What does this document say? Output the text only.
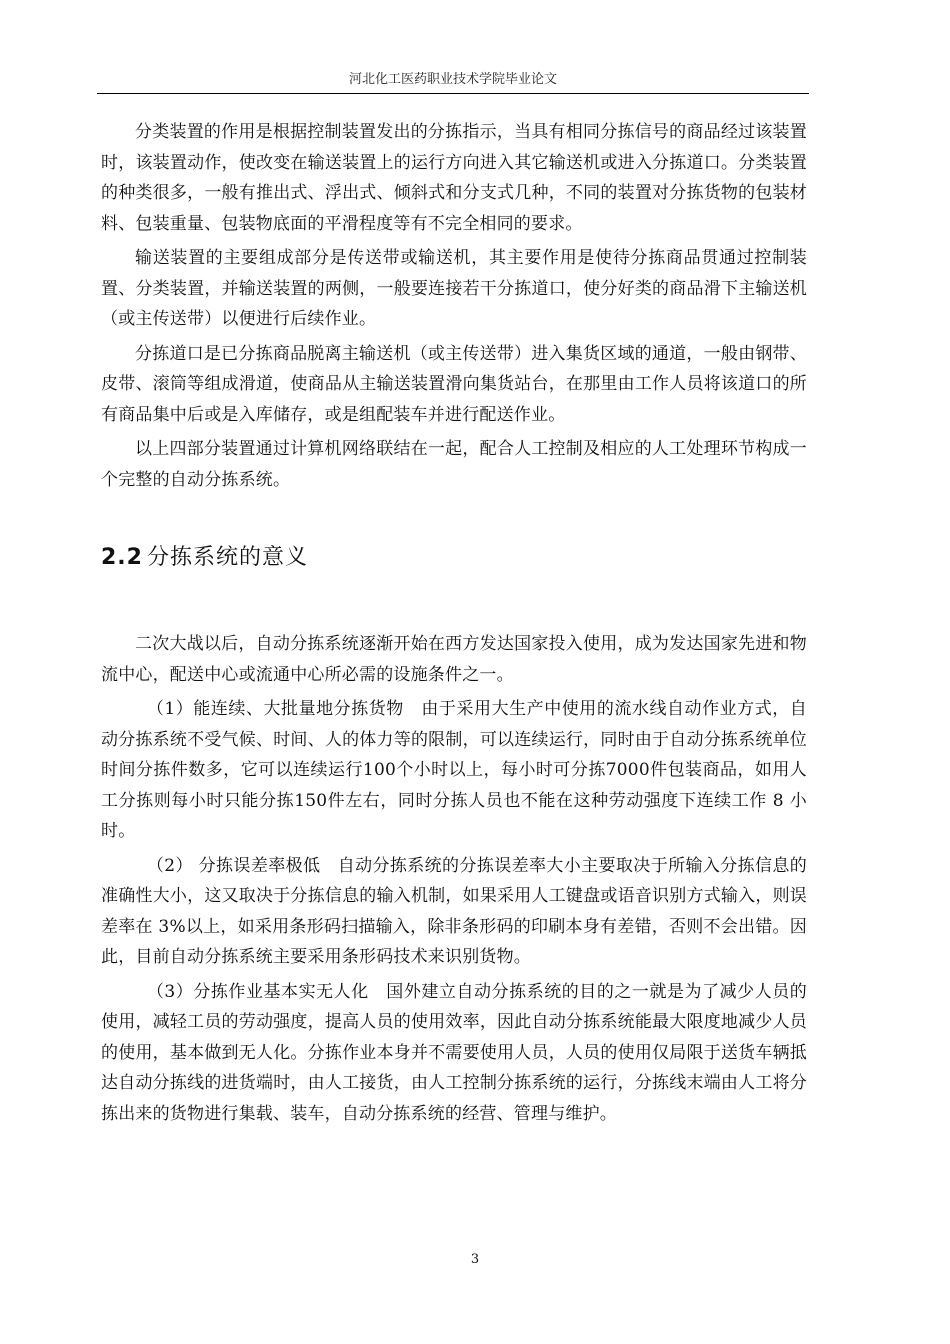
河北化工医药职业技术学院毕业论文

分类装置的作用是根据控制装置发出的分拣指示，当具有相同分拣信号的商品经过该装置时，该装置动作，使改变在输送装置上的运行方向进入其它输送机或进入分拣道口。分类装置的种类很多，一般有推出式、浮出式、倾斜式和分支式几种，不同的装置对分拣货物的包装材料、包装重量、包装物底面的平滑程度等有不完全相同的要求。

输送装置的主要组成部分是传送带或输送机，其主要作用是使待分拣商品贯通过控制装置、分类装置，并输送装置的两侧，一般要连接若干分拣道口，使分好类的商品滑下主输送机（或主传送带）以便进行后续作业。

分拣道口是已分拣商品脱离主输送机（或主传送带）进入集货区域的通道，一般由钢带、皮带、滚筒等组成滑道，使商品从主输送装置滑向集货站台，在那里由工作人员将该道口的所有商品集中后或是入库储存，或是组配装车并进行配送作业。

以上四部分装置通过计算机网络联结在一起，配合人工控制及相应的人工处理环节构成一个完整的自动分拣系统。

2.2 分拣系统的意义

二次大战以后，自动分拣系统逐渐开始在西方发达国家投入使用，成为发达国家先进和物流中心，配送中心或流通中心所必需的设施条件之一。

（1）能连续、大批量地分拣货物　由于采用大生产中使用的流水线自动作业方式，自动分拣系统不受气候、时间、人的体力等的限制，可以连续运行，同时由于自动分拣系统单位时间分拣件数多，它可以连续运行100个小时以上，每小时可分拣7000件包装商品，如用人工分拣则每小时只能分拣150件左右，同时分拣人员也不能在这种劳动强度下连续工作 8 小时。

（2） 分拣误差率极低　自动分拣系统的分拣误差率大小主要取决于所输入分拣信息的准确性大小，这又取决于分拣信息的输入机制，如果采用人工键盘或语音识别方式输入，则误差率在 3%以上，如采用条形码扫描输入，除非条形码的印刷本身有差错，否则不会出错。因此，目前自动分拣系统主要采用条形码技术来识别货物。

（3）分拣作业基本实无人化　国外建立自动分拣系统的目的之一就是为了减少人员的使用，减轻工员的劳动强度，提高人员的使用效率，因此自动分拣系统能最大限度地减少人员的使用，基本做到无人化。分拣作业本身并不需要使用人员，人员的使用仅局限于送货车辆抵达自动分拣线的进货端时，由人工接货，由人工控制分拣系统的运行，分拣线末端由人工将分拣出来的货物进行集载、装车，自动分拣系统的经营、管理与维护。

3
